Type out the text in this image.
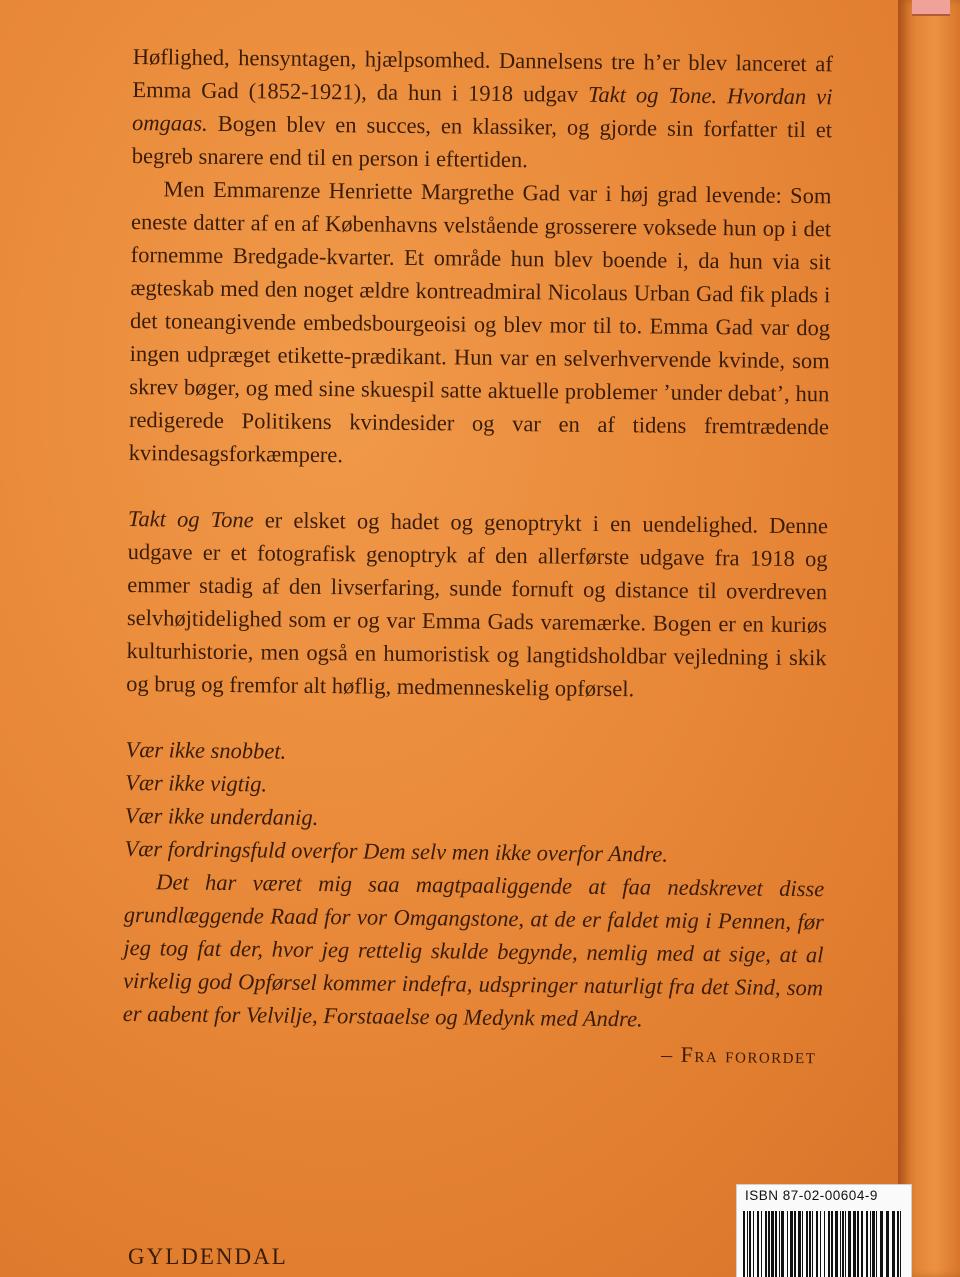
Høflighed, hensyntagen, hjælpsomhed. Dannelsens tre h’er blev lanceret af Emma Gad (1852-1921), da hun i 1918 udgav Takt og Tone. Hvordan vi omgaas. Bogen blev en succes, en klassiker, og gjorde sin forfatter til et begreb snarere end til en person i eftertiden.

Men Emmarenze Henriette Margrethe Gad var i høj grad levende: Som eneste datter af en af Københavns velstående grosserere voksede hun op i det fornemme Bredgade-kvarter. Et område hun blev boende i, da hun via sit ægteskab med den noget ældre kontreadmiral Nicolaus Urban Gad fik plads i det toneangivende embedsbourgeoisi og blev mor til to. Emma Gad var dog ingen udpræget etikette-prædikant. Hun var en selverhvervende kvinde, som skrev bøger, og med sine skuespil satte aktuelle problemer ’under debat’, hun redigerede Politikens kvindesider og var en af tidens fremtrædende kvindesagsforkæmpere.

Takt og Tone er elsket og hadet og genoptrykt i en uendelighed. Denne udgave er et fotografisk genoptryk af den allerførste udgave fra 1918 og emmer stadig af den livserfaring, sunde fornuft og distance til overdreven selvhøjtidelighed som er og var Emma Gads varemærke. Bogen er en kuriøs kulturhistorie, men også en humoristisk og langtidsholdbar vejledning i skik og brug og fremfor alt høflig, medmenneskelig opførsel.

Vær ikke snobbet.
Vær ikke vigtig.
Vær ikke underdanig.
Vær fordringsfuld overfor Dem selv men ikke overfor Andre.

Det har været mig saa magtpaaliggende at faa nedskrevet disse grundlæggende Raad for vor Omgangstone, at de er faldet mig i Pennen, før jeg tog fat der, hvor jeg rettelig skulde begynde, nemlig med at sige, at al virkelig god Opførsel kommer indefra, udspringer naturligt fra det Sind, som er aabent for Velvilje, Forstaaelse og Medynk med Andre.

– Fra forordet
GYLDENDAL
ISBN 87-02-00604-9
